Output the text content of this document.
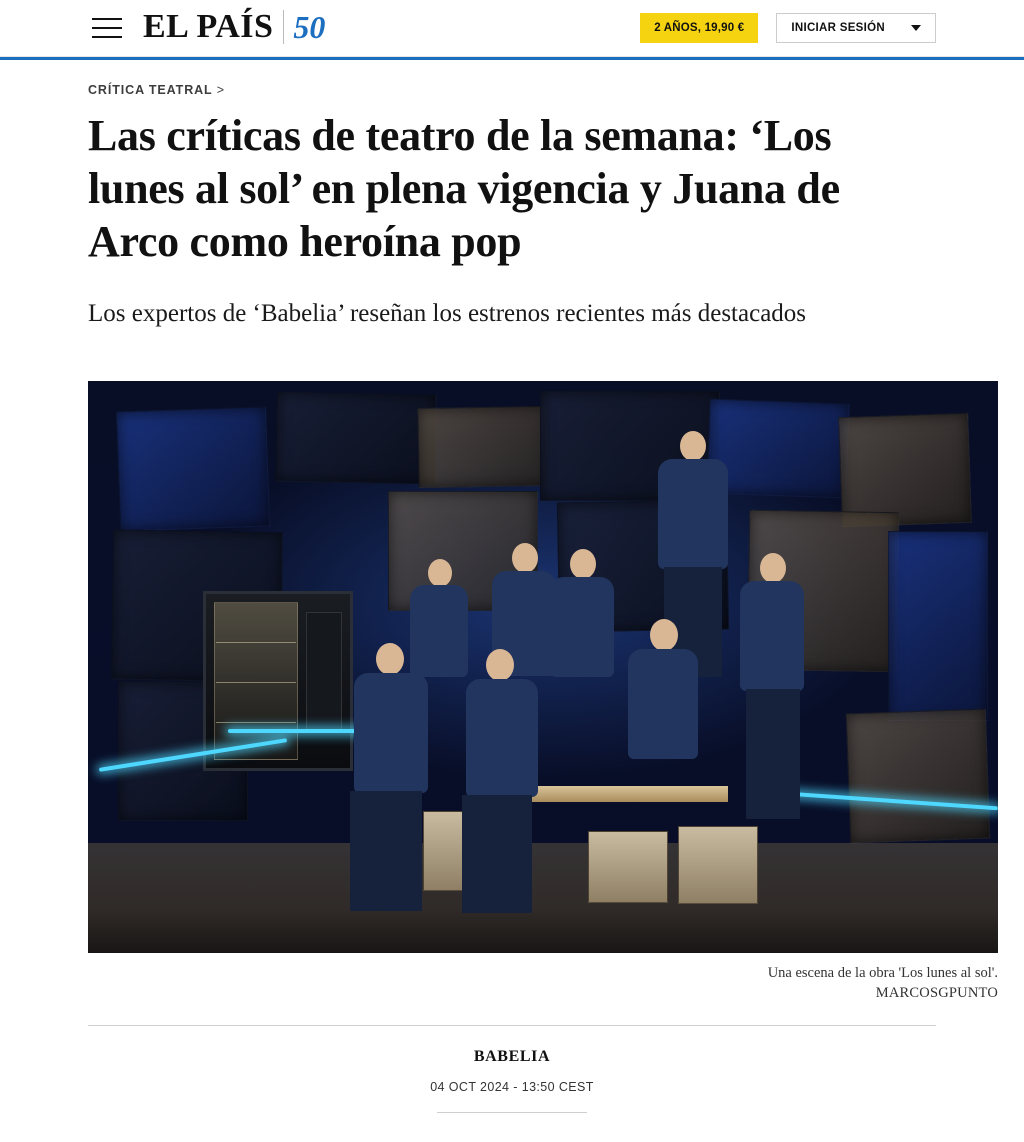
EL PAÍS 50	2 AÑOS, 19,90 €	INICIAR SESIÓN
CRÍTICA TEATRAL >
Las críticas de teatro de la semana: ‘Los lunes al sol’ en plena vigencia y Juana de Arco como heroína pop

Los expertos de ‘Babelia’ reseñan los estrenos recientes más destacados

Una escena de la obra 'Los lunes al sol'.
MARCOSGPUNTO
BABELIA
04 OCT 2024 - 13:50 CEST
